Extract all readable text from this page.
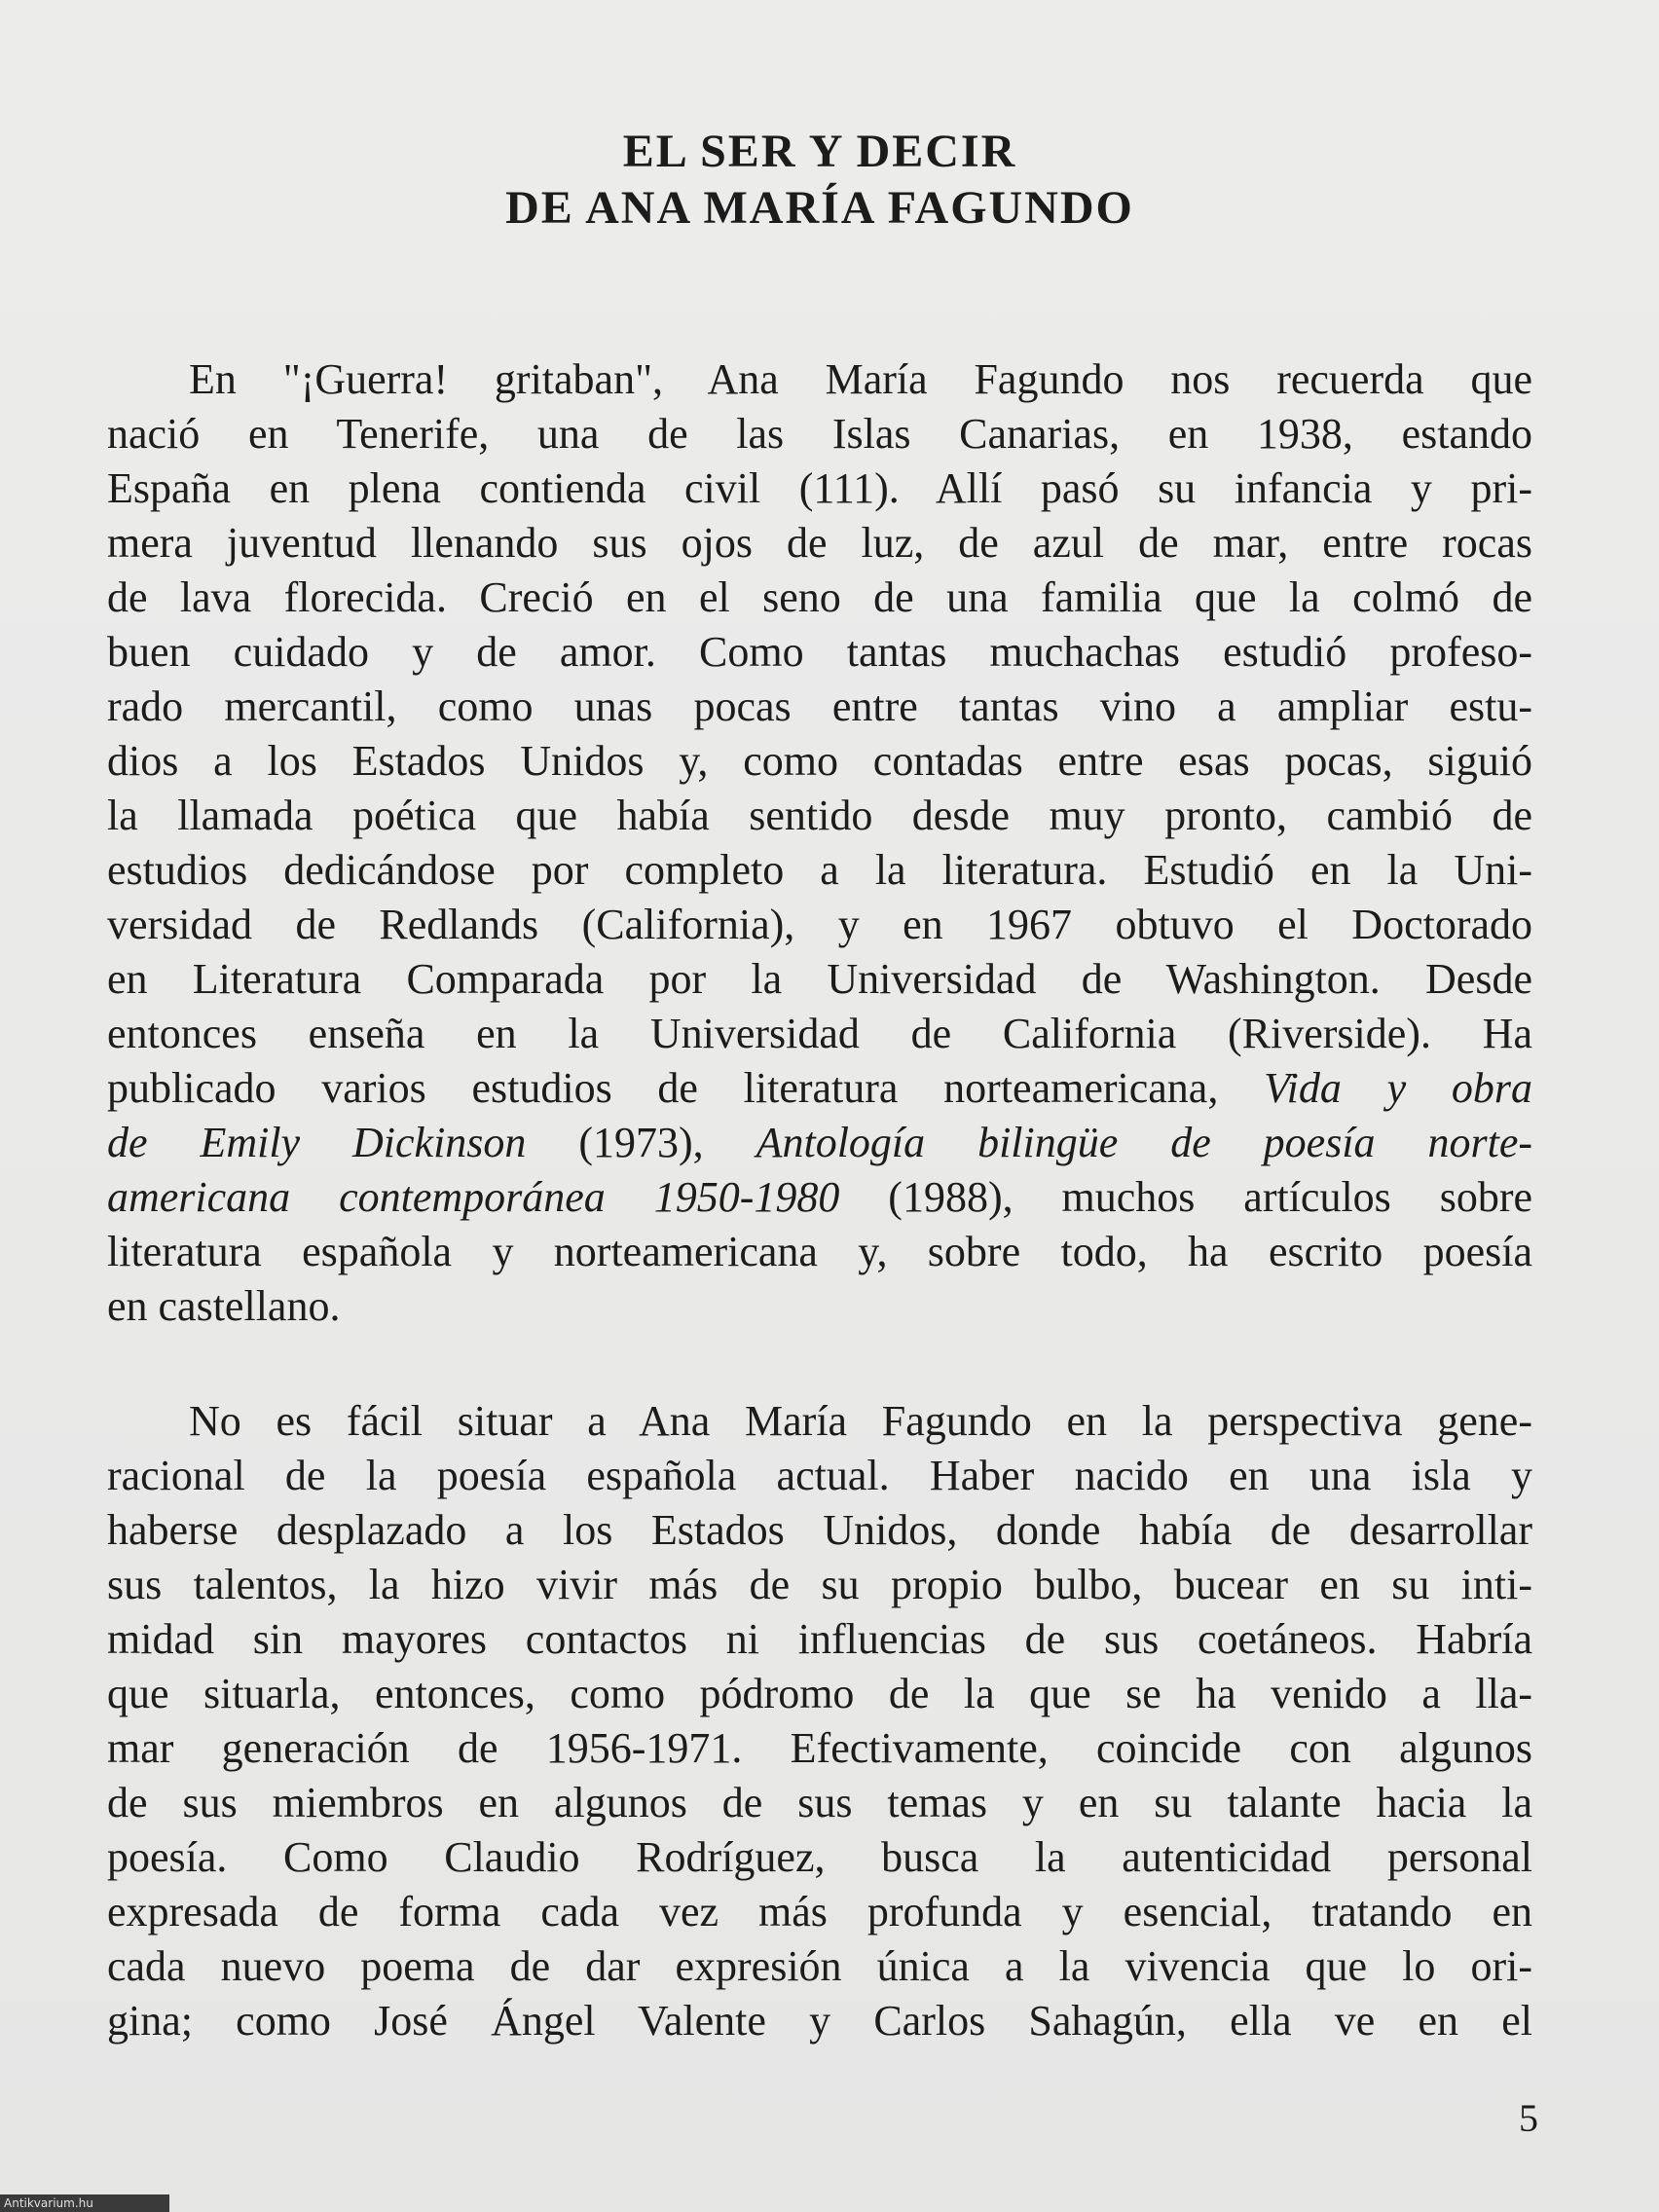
EL SER Y DECIR
DE ANA MARÍA FAGUNDO
En "¡Guerra! gritaban", Ana María Fagundo nos recuerda que
nació en Tenerife, una de las Islas Canarias, en 1938, estando
España en plena contienda civil (111). Allí pasó su infancia y pri-
mera juventud llenando sus ojos de luz, de azul de mar, entre rocas
de lava florecida. Creció en el seno de una familia que la colmó de
buen cuidado y de amor. Como tantas muchachas estudió profeso-
rado mercantil, como unas pocas entre tantas vino a ampliar estu-
dios a los Estados Unidos y, como contadas entre esas pocas, siguió
la llamada poética que había sentido desde muy pronto, cambió de
estudios dedicándose por completo a la literatura. Estudió en la Uni-
versidad de Redlands (California), y en 1967 obtuvo el Doctorado
en Literatura Comparada por la Universidad de Washington. Desde
entonces enseña en la Universidad de California (Riverside). Ha
publicado varios estudios de literatura norteamericana, Vida y obra
de Emily Dickinson (1973), Antología bilingüe de poesía norte-
americana contemporánea 1950-1980 (1988), muchos artículos sobre
literatura española y norteamericana y, sobre todo, ha escrito poesía
en castellano.
No es fácil situar a Ana María Fagundo en la perspectiva gene-
racional de la poesía española actual. Haber nacido en una isla y
haberse desplazado a los Estados Unidos, donde había de desarrollar
sus talentos, la hizo vivir más de su propio bulbo, bucear en su inti-
midad sin mayores contactos ni influencias de sus coetáneos. Habría
que situarla, entonces, como pódromo de la que se ha venido a lla-
mar generación de 1956-1971. Efectivamente, coincide con algunos
de sus miembros en algunos de sus temas y en su talante hacia la
poesía. Como Claudio Rodríguez, busca la autenticidad personal
expresada de forma cada vez más profunda y esencial, tratando en
cada nuevo poema de dar expresión única a la vivencia que lo ori-
gina; como José Ángel Valente y Carlos Sahagún, ella ve en el
5
Antikvarium.hu
